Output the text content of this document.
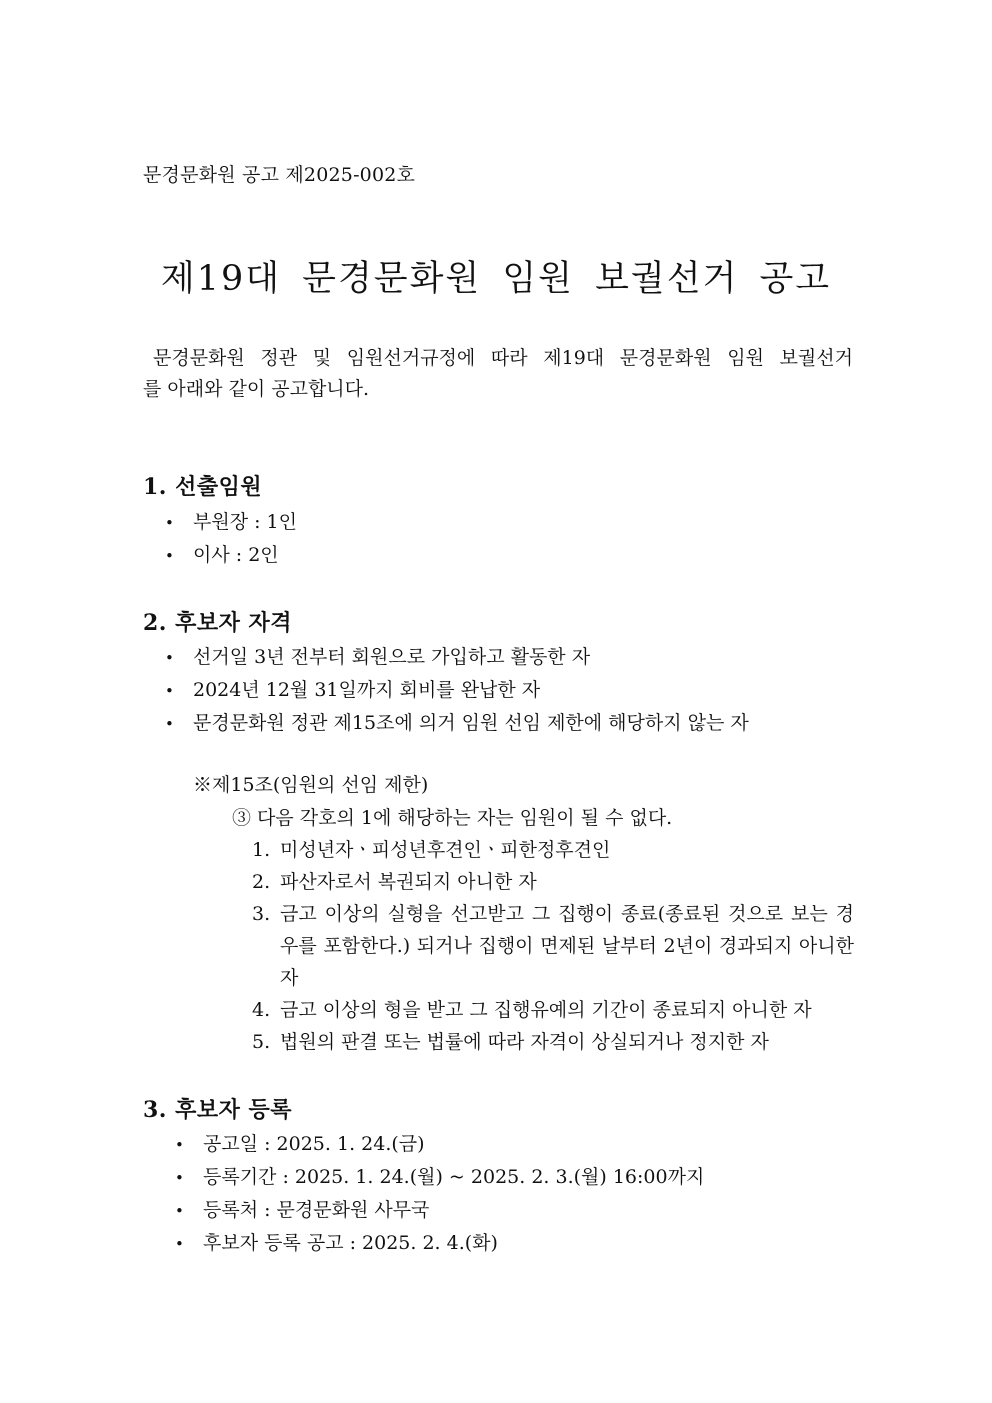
문경문화원 공고 제2025-002호
제19대 문경문화원 임원 보궐선거 공고
문경문화원 정관 및 임원선거규정에 따라 제19대 문경문화원 임원 보궐선거
를 아래와 같이 공고합니다.
1. 선출임원
• 부원장 : 1인
• 이사 : 2인
2. 후보자 자격
• 선거일 3년 전부터 회원으로 가입하고 활동한 자
• 2024년 12월 31일까지 회비를 완납한 자
• 문경문화원 정관 제15조에 의거 임원 선임 제한에 해당하지 않는 자
※제15조(임원의 선임 제한)
③ 다음 각호의 1에 해당하는 자는 임원이 될 수 없다.
1. 미성년자ㆍ피성년후견인ㆍ피한정후견인
2. 파산자로서 복권되지 아니한 자
3. 금고 이상의 실형을 선고받고 그 집행이 종료(종료된 것으로 보는 경우를 포함한다.) 되거나 집행이 면제된 날부터 2년이 경과되지 아니한 자
4. 금고 이상의 형을 받고 그 집행유예의 기간이 종료되지 아니한 자
5. 법원의 판결 또는 법률에 따라 자격이 상실되거나 정지한 자
3. 후보자 등록
• 공고일 : 2025. 1. 24.(금)
• 등록기간 : 2025. 1. 24.(월) ~ 2025. 2. 3.(월) 16:00까지
• 등록처 : 문경문화원 사무국
• 후보자 등록 공고 : 2025. 2. 4.(화)
